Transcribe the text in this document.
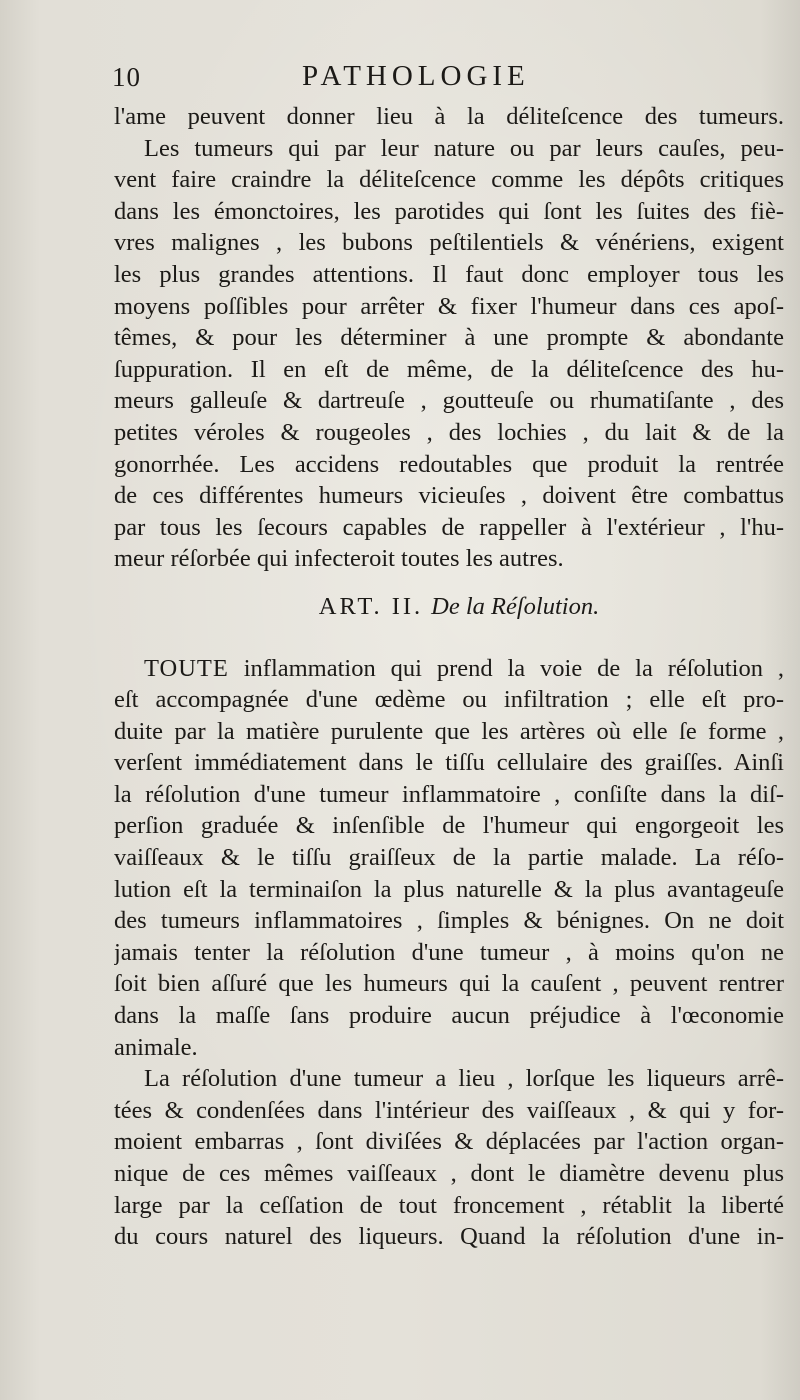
10	PATHOLOGIE
l'ame peuvent donner lieu à la déliteſcence des tumeurs.
Les tumeurs qui par leur nature ou par leurs cauſes, peu-
vent faire craindre la déliteſcence comme les dépôts critiques
dans les émonctoires, les parotides qui ſont les ſuites des fiè-
vres malignes , les bubons peſtilentiels & vénériens, exigent
les plus grandes attentions. Il faut donc employer tous les
moyens poſſibles pour arrêter & fixer l'humeur dans ces apoſ-
têmes, & pour les déterminer à une prompte & abondante
ſuppuration. Il en eſt de même, de la déliteſcence des hu-
meurs galleuſe & dartreuſe , goutteuſe ou rhumatiſante , des
petites véroles & rougeoles , des lochies , du lait & de la
gonorrhée. Les accidens redoutables que produit la rentrée
de ces différentes humeurs vicieuſes , doivent être combattus
par tous les ſecours capables de rappeller à l'extérieur , l'hu-
meur réſorbée qui infecteroit toutes les autres.
ART. II. De la Réſolution.
TOUTE inflammation qui prend la voie de la réſolution ,
eſt accompagnée d'une œdème ou infiltration ; elle eſt pro-
duite par la matière purulente que les artères où elle ſe forme ,
verſent immédiatement dans le tiſſu cellulaire des graiſſes. Ainſi
la réſolution d'une tumeur inflammatoire , conſiſte dans la diſ-
perſion graduée & inſenſible de l'humeur qui engorgeoit les
vaiſſeaux & le tiſſu graiſſeux de la partie malade. La réſo-
lution eſt la terminaiſon la plus naturelle & la plus avantageuſe
des tumeurs inflammatoires , ſimples & bénignes. On ne doit
jamais tenter la réſolution d'une tumeur , à moins qu'on ne
ſoit bien aſſuré que les humeurs qui la cauſent , peuvent rentrer
dans la maſſe ſans produire aucun préjudice à l'œconomie
animale.
La réſolution d'une tumeur a lieu , lorſque les liqueurs arrê-
tées & condenſées dans l'intérieur des vaiſſeaux , & qui y for-
moient embarras , ſont diviſées & déplacées par l'action organ-
nique de ces mêmes vaiſſeaux , dont le diamètre devenu plus
large par la ceſſation de tout froncement , rétablit la liberté
du cours naturel des liqueurs. Quand la réſolution d'une in-
